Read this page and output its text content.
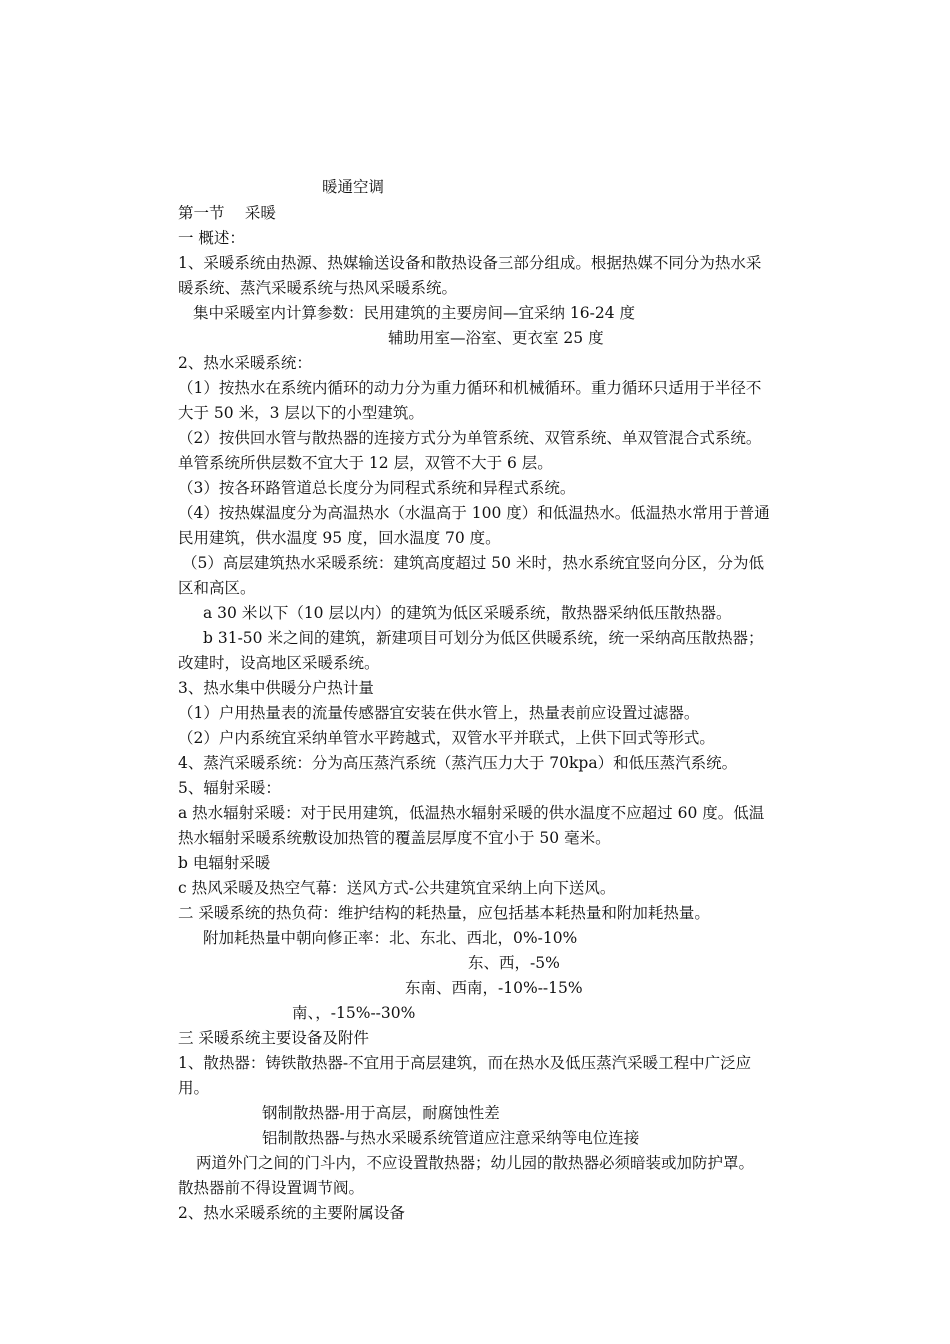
暖通空调
第一节　 采暖
一 概述：
1、采暖系统由热源、热媒输送设备和散热设备三部分组成。根据热媒不同分为热水采
暖系统、蒸汽采暖系统与热风采暖系统。
集中采暖室内计算参数：民用建筑的主要房间—宜采纳 16-24 度
辅助用室—浴室、更衣室 25 度
2、热水采暖系统：
（1）按热水在系统内循环的动力分为重力循环和机械循环。重力循环只适用于半径不
大于 50 米，3 层以下的小型建筑。
（2）按供回水管与散热器的连接方式分为单管系统、双管系统、单双管混合式系统。
单管系统所供层数不宜大于 12 层，双管不大于 6 层。
（3）按各环路管道总长度分为同程式系统和异程式系统。
（4）按热媒温度分为高温热水（水温高于 100 度）和低温热水。低温热水常用于普通
民用建筑，供水温度 95 度，回水温度 70 度。
（5）高层建筑热水采暖系统：建筑高度超过 50 米时，热水系统宜竖向分区，分为低
区和高区。
a 30 米以下（10 层以内）的建筑为低区采暖系统，散热器采纳低压散热器。
b 31-50 米之间的建筑，新建项目可划分为低区供暖系统，统一采纳高压散热器；
改建时，设高地区采暖系统。
3、热水集中供暖分户热计量
（1）户用热量表的流量传感器宜安装在供水管上，热量表前应设置过滤器。
（2）户内系统宜采纳单管水平跨越式，双管水平并联式，上供下回式等形式。
4、蒸汽采暖系统：分为高压蒸汽系统（蒸汽压力大于 70kpa）和低压蒸汽系统。
5、辐射采暖：
a 热水辐射采暖：对于民用建筑，低温热水辐射采暖的供水温度不应超过 60 度。低温
热水辐射采暖系统敷设加热管的覆盖层厚度不宜小于 50 毫米。
b 电辐射采暖
c 热风采暖及热空气幕：送风方式-公共建筑宜采纳上向下送风。
二 采暖系统的热负荷：维护结构的耗热量，应包括基本耗热量和附加耗热量。
附加耗热量中朝向修正率：北、东北、西北，0%-10%
东、西，-5%
东南、西南，-10%--15%
南、，-15%--30%
三 采暖系统主要设备及附件
1、散热器：铸铁散热器-不宜用于高层建筑，而在热水及低压蒸汽采暖工程中广泛应
用。
钢制散热器-用于高层，耐腐蚀性差
铝制散热器-与热水采暖系统管道应注意采纳等电位连接
两道外门之间的门斗内，不应设置散热器；幼儿园的散热器必须暗装或加防护罩。
散热器前不得设置调节阀。
2、热水采暖系统的主要附属设备
